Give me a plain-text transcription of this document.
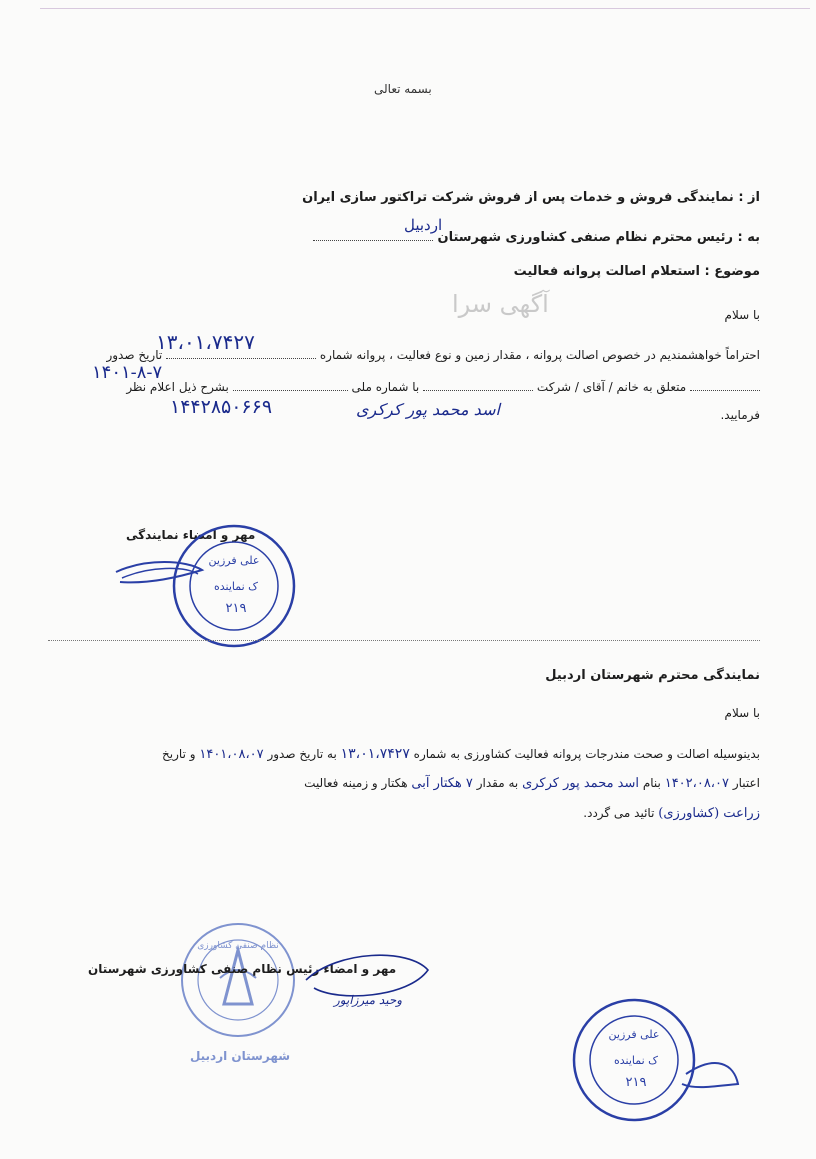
بسمه تعالی
از : نمایندگی فروش و خدمات پس از فروش شرکت تراکتور سازی ایران
به : رئیس محترم نظام صنفی کشاورزی شهرستان
اردبیل
موضوع : استعلام اصالت پروانه فعالیت
با سلام
آگهی سرا
۱۳،۰۱،۷۴۲۷
احتراماً خواهشمندیم در خصوص اصالت پروانه ، مقدار زمین و نوع فعالیت ، پروانه شماره  تاریخ صدور
۱۴۰۱-۸-۷
متعلق به خانم / آقای / شرکت  با شماره ملی  بشرح ذیل اعلام نظر
۱۴۴۲۸۵۰۶۶۹	اسد محمد پور کرکری	فرمایید.
مهر و امضاء نمایندگی
علی فرزین
ک نماینده
۲۱۹
نمایندگی محترم شهرستان اردبیل
با سلام
بدینوسیله اصالت و صحت مندرجات پروانه فعالیت کشاورزی به شماره ۱۳،۰۱،۷۴۲۷ به تاریخ صدور ۱۴۰۱،۰۸،۰۷ و تاریخ
اعتبار ۱۴۰۲،۰۸،۰۷ بنام اسد محمد پور کرکری به مقدار ۷ هکتار آبی هکتار و زمینه فعالیت
زراعت (کشاورزی) تائید می گردد.
نظام صنفی کشاورزی
شهرستان اردبیل
مهر و امضاء رئیس نظام صنفی کشاورزی شهرستان
وحید میرزاپور
علی فرزین
ک نماینده
۲۱۹
